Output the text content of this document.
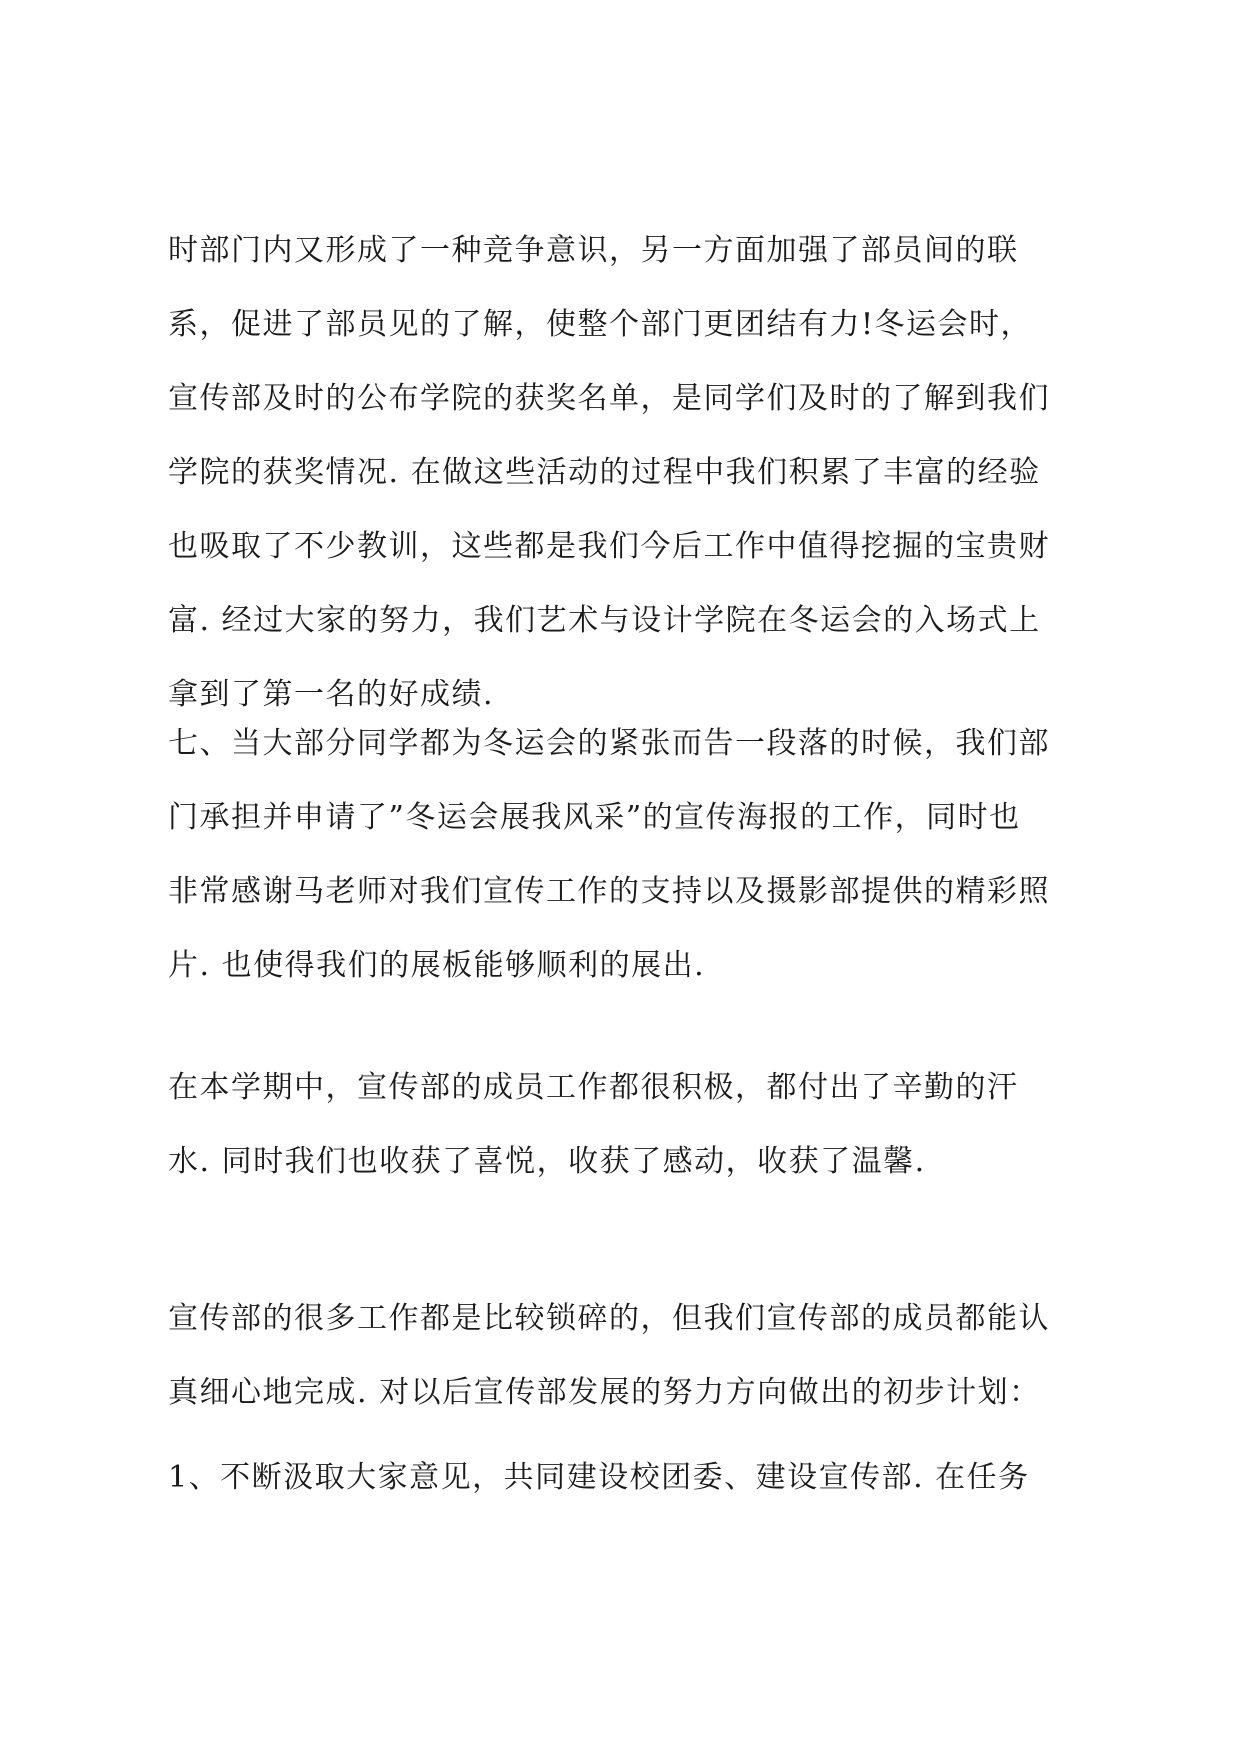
时部门内又形成了一种竞争意识，另一方面加强了部员间的联
系，促进了部员见的了解，使整个部门更团结有力!冬运会时，
宣传部及时的公布学院的获奖名单，是同学们及时的了解到我们
学院的获奖情况. 在做这些活动的过程中我们积累了丰富的经验
也吸取了不少教训，这些都是我们今后工作中值得挖掘的宝贵财
富. 经过大家的努力，我们艺术与设计学院在冬运会的入场式上
拿到了第一名的好成绩.
七、当大部分同学都为冬运会的紧张而告一段落的时候，我们部
门承担并申请了”冬运会展我风采”的宣传海报的工作，同时也
非常感谢马老师对我们宣传工作的支持以及摄影部提供的精彩照
片. 也使得我们的展板能够顺利的展出.
在本学期中，宣传部的成员工作都很积极，都付出了辛勤的汗
水. 同时我们也收获了喜悦，收获了感动，收获了温馨.
宣传部的很多工作都是比较锁碎的，但我们宣传部的成员都能认
真细心地完成. 对以后宣传部发展的努力方向做出的初步计划：
1、不断汲取大家意见，共同建设校团委、建设宣传部. 在任务
